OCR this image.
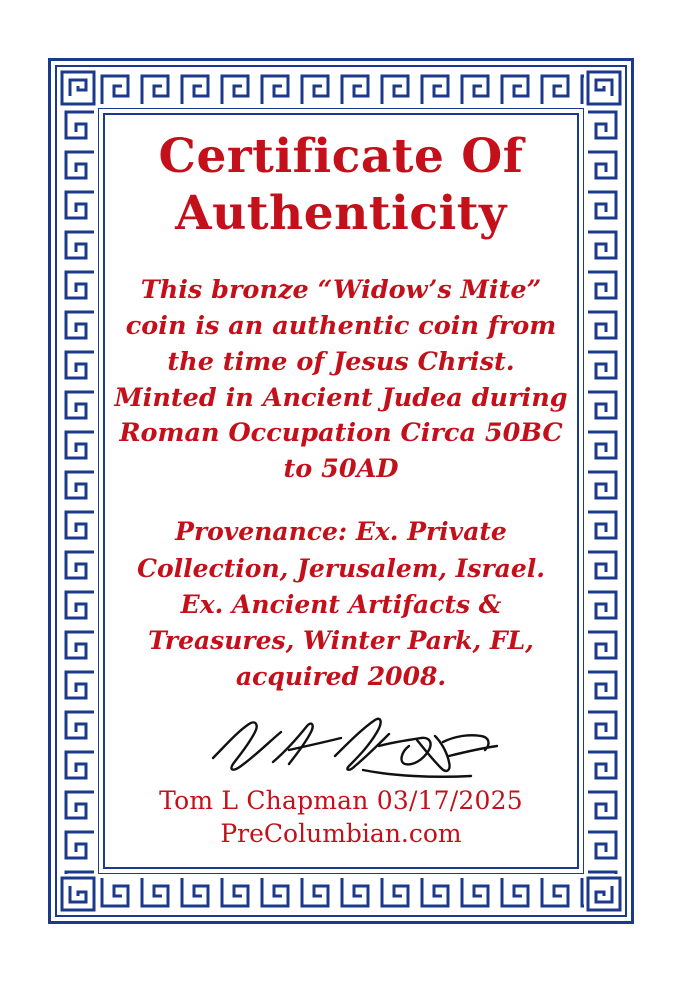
Certificate Of
Authenticity

This bronze “Widow’s Mite” coin is an authentic coin from the time of Jesus Christ. Minted in Ancient Judea during Roman Occupation Circa 50BC to 50AD

Provenance: Ex. Private Collection, Jerusalem, Israel. Ex. Ancient Artifacts & Treasures, Winter Park, FL, acquired 2008.

Tom L Chapman 03/17/2025

PreColumbian.com
